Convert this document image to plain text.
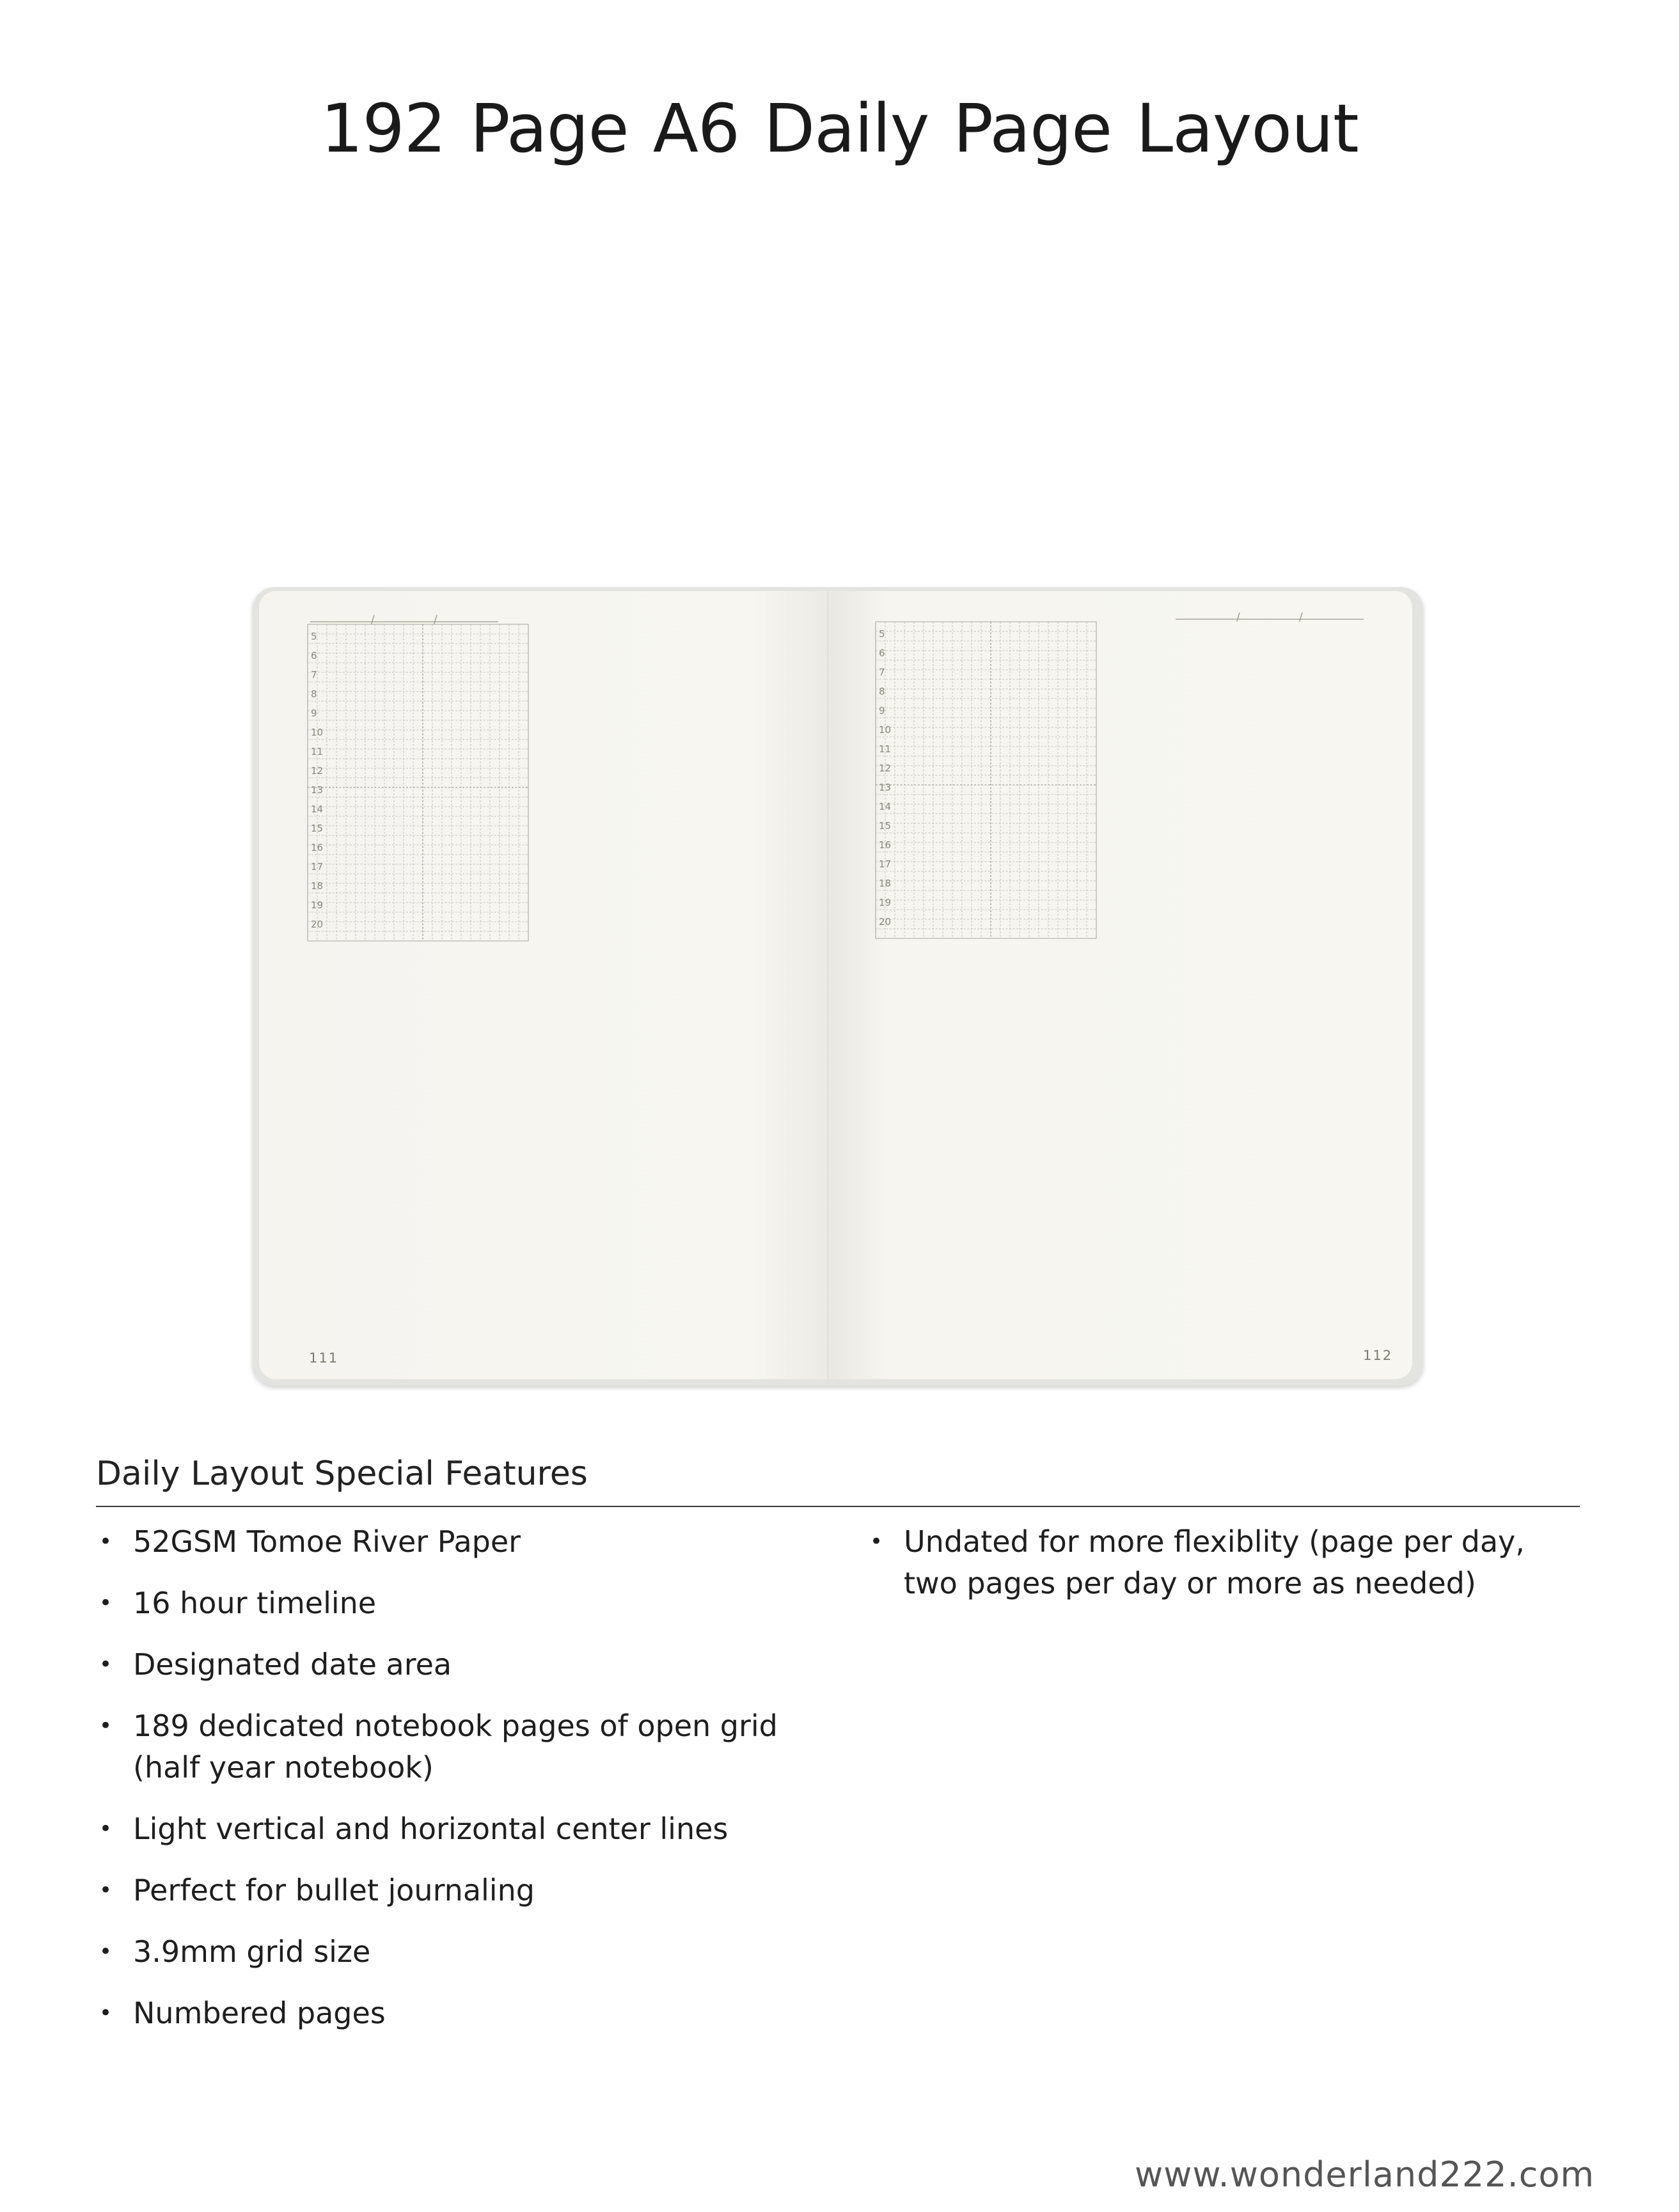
192 Page A6 Daily Page Layout
5
6
7
8
9
10
11
12
13
14
15
16
17
18
19
20
/	/
111
5
6
7
8
9
10
11
12
13
14
15
16
17
18
19
20
/	/
112
Daily Layout Special Features
• 52GSM Tomoe River Paper
• 16 hour timeline
• Designated date area
• 189 dedicated notebook pages of open grid (half year notebook)
• Light vertical and horizontal center lines
• Perfect for bullet journaling
• 3.9mm grid size
• Numbered pages
• Undated for more flexiblity (page per day, two pages per day or more as needed)
www.wonderland222.com
